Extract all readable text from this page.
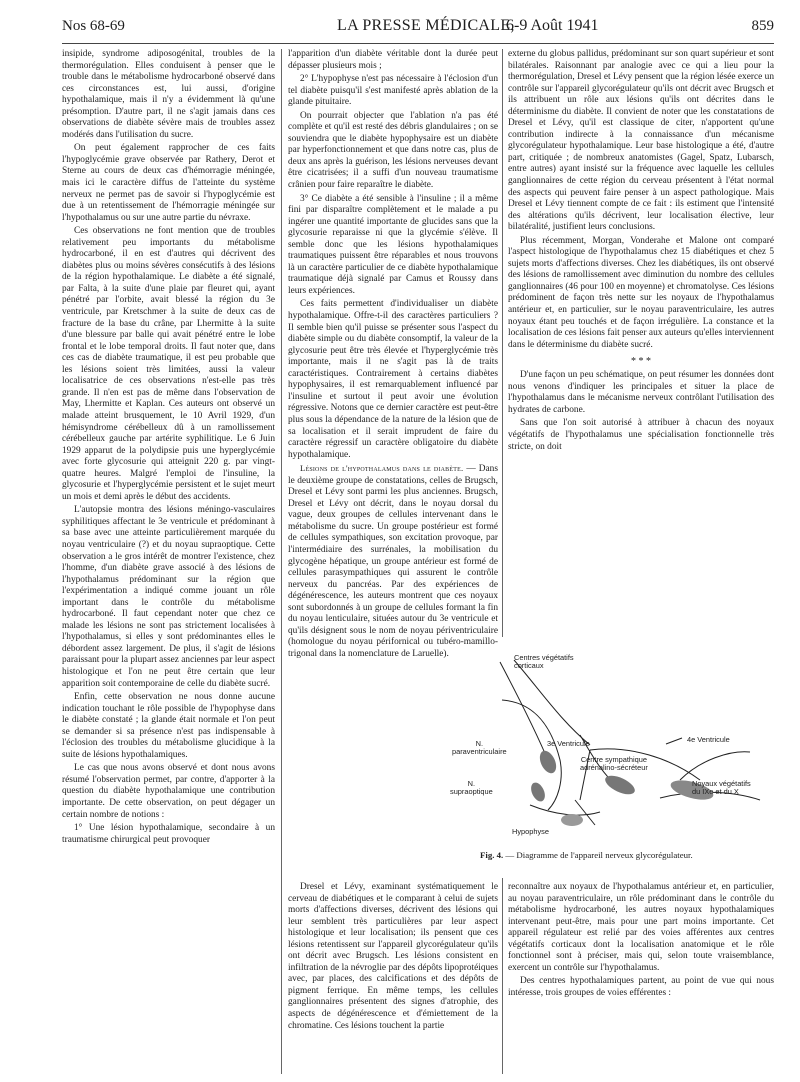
Nos 68-69	LA PRESSE MÉDICALE,
6-9 Août 1941	859

insipide, syndrome adiposogénital, troubles de la thermorégulation. Elles conduisent à penser que le trouble dans le métabolisme hydrocarboné observé dans ces circonstances est, lui aussi, d'origine hypothalamique, mais il n'y a évidemment là qu'une présomption. D'autre part, il ne s'agit jamais dans ces observations de diabète sévère mais de troubles assez modérés dans l'utilisation du sucre.

On peut également rapprocher de ces faits l'hypoglycémie grave observée par Rathery, Derot et Sterne au cours de deux cas d'hémorragie méningée, mais ici le caractère diffus de l'atteinte du système nerveux ne permet pas de savoir si l'hypoglycémie est due à un retentissement de l'hémorragie méningée sur l'hypothalamus ou sur une autre partie du névraxe.

Ces observations ne font mention que de troubles relativement peu importants du métabolisme hydrocarboné, il en est d'autres qui décrivent des diabètes plus ou moins sévères consécutifs à des lésions de la région hypothalamique. Le diabète a été signalé, par Falta, à la suite d'une plaie par fleuret qui, ayant pénétré par l'orbite, avait blessé la région du 3e ventricule, par Kretschmer à la suite de deux cas de fracture de la base du crâne, par Lhermitte à la suite d'une blessure par balle qui avait pénétré entre le lobe frontal et le lobe temporal droits. Il faut noter que, dans ces cas de diabète traumatique, il est peu probable que les lésions soient très limitées, aussi la valeur localisatrice de ces observations n'est-elle pas très grande. Il n'en est pas de même dans l'observation de May, Lhermitte et Kaplan. Ces auteurs ont observé un malade atteint brusquement, le 10 Avril 1929, d'un hémisyndrome cérébelleux dû à un ramollissement cérébelleux gauche par artérite syphilitique. Le 6 Juin 1929 apparut de la polydipsie puis une hyperglycémie avec forte glycosurie qui atteignit 220 g. par vingt-quatre heures. Malgré l'emploi de l'insuline, la glycosurie et l'hyperglycémie persistent et le sujet meurt un mois et demi après le début des accidents.

L'autopsie montra des lésions méningo-vasculaires syphilitiques affectant le 3e ventricule et prédominant à sa base avec une atteinte particulièrement marquée du noyau ventriculaire (?) et du noyau supraoptique. Cette observation a le gros intérêt de montrer l'existence, chez l'homme, d'un diabète grave associé à des lésions de l'hypothalamus prédominant sur la région que l'expérimentation a indiqué comme jouant un rôle important dans le contrôle du métabolisme hydrocarboné. Il faut cependant noter que chez ce malade les lésions ne sont pas strictement localisées à l'hypothalamus, si elles y sont prédominantes elles le débordent assez largement. De plus, il s'agit de lésions paraissant pour la plupart assez anciennes par leur aspect histologique et l'on ne peut être certain que leur apparition soit contemporaine de celle du diabète sucré.

Enfin, cette observation ne nous donne aucune indication touchant le rôle possible de l'hypophyse dans le diabète constaté ; la glande était normale et l'on peut se demander si sa présence n'est pas indispensable à l'éclosion des troubles du métabolisme glucidique à la suite de lésions hypothalamiques.

Le cas que nous avons observé et dont nous avons résumé l'observation permet, par contre, d'apporter à la question du diabète hypothalamique une contribution importante. De cette observation, on peut dégager un certain nombre de notions :

1° Une lésion hypothalamique, secondaire à un traumatisme chirurgical peut provoquer

l'apparition d'un diabète véritable dont la durée peut dépasser plusieurs mois ;

2° L'hypophyse n'est pas nécessaire à l'éclosion d'un tel diabète puisqu'il s'est manifesté après ablation de la glande pituitaire.

On pourrait objecter que l'ablation n'a pas été complète et qu'il est resté des débris glandulaires ; on se souviendra que le diabète hypophysaire est un diabète par hyperfonctionnement et que dans notre cas, plus de deux ans après la guérison, les lésions nerveuses devant être cicatrisées; il a suffi d'un nouveau traumatisme crânien pour faire reparaître le diabète.

3° Ce diabète a été sensible à l'insuline ; il a même fini par disparaître complètement et le malade a pu ingérer une quantité importante de glucides sans que la glycosurie reparaisse ni que la glycémie s'élève. Il semble donc que les lésions hypothalamiques traumatiques puissent être réparables et nous trouvons là un caractère particulier de ce diabète hypothalamique traumatique déjà signalé par Camus et Roussy dans leurs expériences.

Ces faits permettent d'individualiser un diabète hypothalamique. Offre-t-il des caractères particuliers ? Il semble bien qu'il puisse se présenter sous l'aspect du diabète simple ou du diabète consomptif, la valeur de la glycosurie peut être très élevée et l'hyperglycémie très importante, mais il ne s'agit pas là de traits caractéristiques. Contrairement à certains diabètes hypophysaires, il est remarquablement influencé par l'insuline et surtout il peut avoir une évolution régressive. Notons que ce dernier caractère est peut-être plus sous la dépendance de la nature de la lésion que de sa localisation et il serait imprudent de faire du caractère régressif un caractère obligatoire du diabète hypothalamique.

Lésions de l'hypothalamus dans le diabète. — Dans le deuxième groupe de constatations, celles de Brugsch, Dresel et Lévy sont parmi les plus anciennes. Brugsch, Dresel et Lévy ont décrit, dans le noyau dorsal du vague, deux groupes de cellules intervenant dans le métabolisme du sucre. Un groupe postérieur est formé de cellules sympathiques, son excitation provoque, par l'intermédiaire des surrénales, la mobilisation du glycogène hépatique, un groupe antérieur est formé de cellules parasympathiques qui assurent le contrôle nerveux du pancréas. Par des expériences de dégénérescence, les auteurs montrent que ces noyaux sont subordonnés à un groupe de cellules formant la fin du noyau lenticulaire, situées autour du 3e ventricule et qu'ils désignent sous le nom de noyau périventriculaire (homologue du noyau périfornical ou tubéro-mamillo-trigonal dans la nomenclature de Laruelle).

externe du globus pallidus, prédominant sur son quart supérieur et sont bilatérales. Raisonnant par analogie avec ce qui a lieu pour la thermorégulation, Dresel et Lévy pensent que la région lésée exerce un contrôle sur l'appareil glycorégulateur qu'ils ont décrit avec Brugsch et ils attribuent un rôle aux lésions qu'ils ont décrites dans le déterminisme du diabète. Il convient de noter que les constatations de Dresel et Lévy, qu'il est classique de citer, n'apportent qu'une contribution indirecte à la connaissance d'un mécanisme glycorégulateur hypothalamique. Leur base histologique a été, d'autre part, critiquée ; de nombreux anatomistes (Gagel, Spatz, Lubarsch, entre autres) ayant insisté sur la fréquence avec laquelle les cellules ganglionnaires de cette région du cerveau présentent à l'état normal des aspects qui peuvent faire penser à un aspect pathologique. Mais Dresel et Lévy tiennent compte de ce fait : ils estiment que l'intensité des altérations qu'ils décrivent, leur localisation élective, leur bilatéralité, justifient leurs conclusions.

Plus récemment, Morgan, Vonderahe et Malone ont comparé l'aspect histologique de l'hypothalamus chez 15 diabétiques et chez 5 sujets morts d'affections diverses. Chez les diabétiques, ils ont observé des lésions de ramollissement avec diminution du nombre des cellules ganglionnaires (46 pour 100 en moyenne) et chromatolyse. Ces lésions prédominent de façon très nette sur les noyaux de l'hypothalamus antérieur et, en particulier, sur le noyau paraventriculaire, les autres noyaux étant peu touchés et de façon irrégulière. La constance et la localisation de ces lésions fait penser aux auteurs qu'elles interviennent dans le déterminisme du diabète sucré.

* * *

D'une façon un peu schématique, on peut résumer les données dont nous venons d'indiquer les principales et situer la place de l'hypothalamus dans le mécanisme nerveux contrôlant l'utilisation des hydrates de carbone.

Sans que l'on soit autorisé à attribuer à chacun des noyaux végétatifs de l'hypothalamus une spécialisation fonctionnelle très stricte, on doit

Centres végétatifs
corticaux
3e Ventricule	4e Ventricule
N.
paraventriculaire
N.
supraoptique
Centre sympathique
adrénalino-sécréteur
Noyaux végétatifs
du IXe et du X
Hypophyse
Fig. 4. — Diagramme de l'appareil nerveux glycorégulateur.

Dresel et Lévy, examinant systématiquement le cerveau de diabétiques et le comparant à celui de sujets morts d'affections diverses, décrivent des lésions qui leur semblent très particulières par leur aspect histologique et leur localisation; ils pensent que ces lésions retentissent sur l'appareil glycorégulateur qu'ils ont décrit avec Brugsch. Les lésions consistent en infiltration de la névroglie par des dépôts lipoprotéiques avec, par places, des calcifications et des dépôts de pigment ferrique. En même temps, les cellules ganglionnaires présentent des signes d'atrophie, des aspects de dégénérescence et d'émiettement de la chromatine. Ces lésions touchent la partie

reconnaître aux noyaux de l'hypothalamus antérieur et, en particulier, au noyau paraventriculaire, un rôle prédominant dans le contrôle du métabolisme hydrocarboné, les autres noyaux hypothalamiques intervenant peut-être, mais pour une part moins importante. Cet appareil régulateur est relié par des voies afférentes aux centres végétatifs corticaux dont la localisation anatomique et le rôle fonctionnel sont à préciser, mais qui, selon toute vraisemblance, exercent un contrôle sur l'hypothalamus.

Des centres hypothalamiques partent, au point de vue qui nous intéresse, trois groupes de voies efférentes :
